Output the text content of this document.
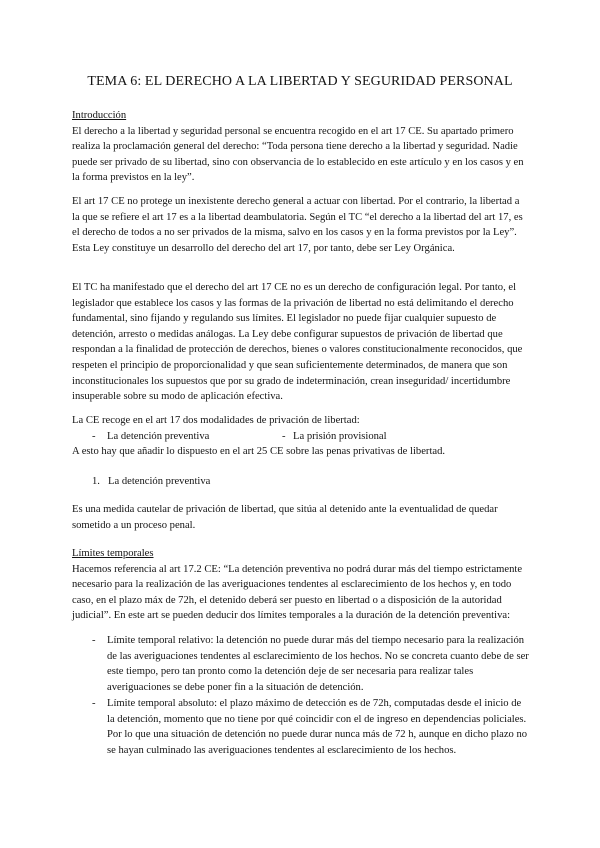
TEMA 6: EL DERECHO A LA LIBERTAD Y SEGURIDAD PERSONAL

Introducción

El derecho a la libertad y seguridad personal se encuentra recogido en el art 17 CE. Su apartado primero realiza la proclamación general del derecho: “Toda persona tiene derecho a la libertad y seguridad. Nadie puede ser privado de su libertad, sino con observancia de lo establecido en este artículo y en los casos y en la forma previstos en la ley”.

El art 17 CE no protege un inexistente derecho general a actuar con libertad. Por el contrario, la libertad a la que se refiere el art 17 es a la libertad deambulatoria. Según el TC “el derecho a la libertad del art 17, es el derecho de todos a no ser privados de la misma, salvo en los casos y en la forma previstos por la Ley”. Esta Ley constituye un desarrollo del derecho del art 17, por tanto, debe ser Ley Orgánica.
El TC ha manifestado que el derecho del art 17 CE no es un derecho de configuración legal. Por tanto, el legislador que establece los casos y las formas de la privación de libertad no está delimitando el derecho fundamental, sino fijando y regulando sus límites. El legislador no puede fijar cualquier supuesto de detención, arresto o medidas análogas. La Ley debe configurar supuestos de privación de libertad que respondan a la finalidad de protección de derechos, bienes o valores constitucionalmente reconocidos, que respeten el principio de proporcionalidad y que sean suficientemente determinados, de manera que son inconstitucionales los supuestos que por su grado de indeterminación, crean inseguridad/ incertidumbre insuperable sobre su modo de aplicación efectiva.
La CE recoge en el art 17 dos modalidades de privación de libertad:
- La detención preventiva	- La prisión provisional
A esto hay que añadir lo dispuesto en el art 25 CE sobre las penas privativas de libertad.
1. La detención preventiva
Es una medida cautelar de privación de libertad, que sitúa al detenido ante la eventualidad de quedar sometido a un proceso penal.

Límites temporales

Hacemos referencia al art 17.2 CE: “La detención preventiva no podrá durar más del tiempo estrictamente necesario para la realización de las averiguaciones tendentes al esclarecimiento de los hechos y, en todo caso, en el plazo máx de 72h, el detenido deberá ser puesto en libertad o a disposición de la autoridad judicial”. En este art se pueden deducir dos límites temporales a la duración de la detención preventiva:

- Límite temporal relativo: la detención no puede durar más del tiempo necesario para la realización de las averiguaciones tendentes al esclarecimiento de los hechos. No se concreta cuanto debe de ser este tiempo, pero tan pronto como la detención deje de ser necesaria para realizar tales averiguaciones se debe poner fin a la situación de detención.
- Límite temporal absoluto: el plazo máximo de detección es de 72h, computadas desde el inicio de la detención, momento que no tiene por qué coincidir con el de ingreso en dependencias policiales. Por lo que una situación de detención no puede durar nunca más de 72 h, aunque en dicho plazo no se hayan culminado las averiguaciones tendentes al esclarecimiento de los hechos.
